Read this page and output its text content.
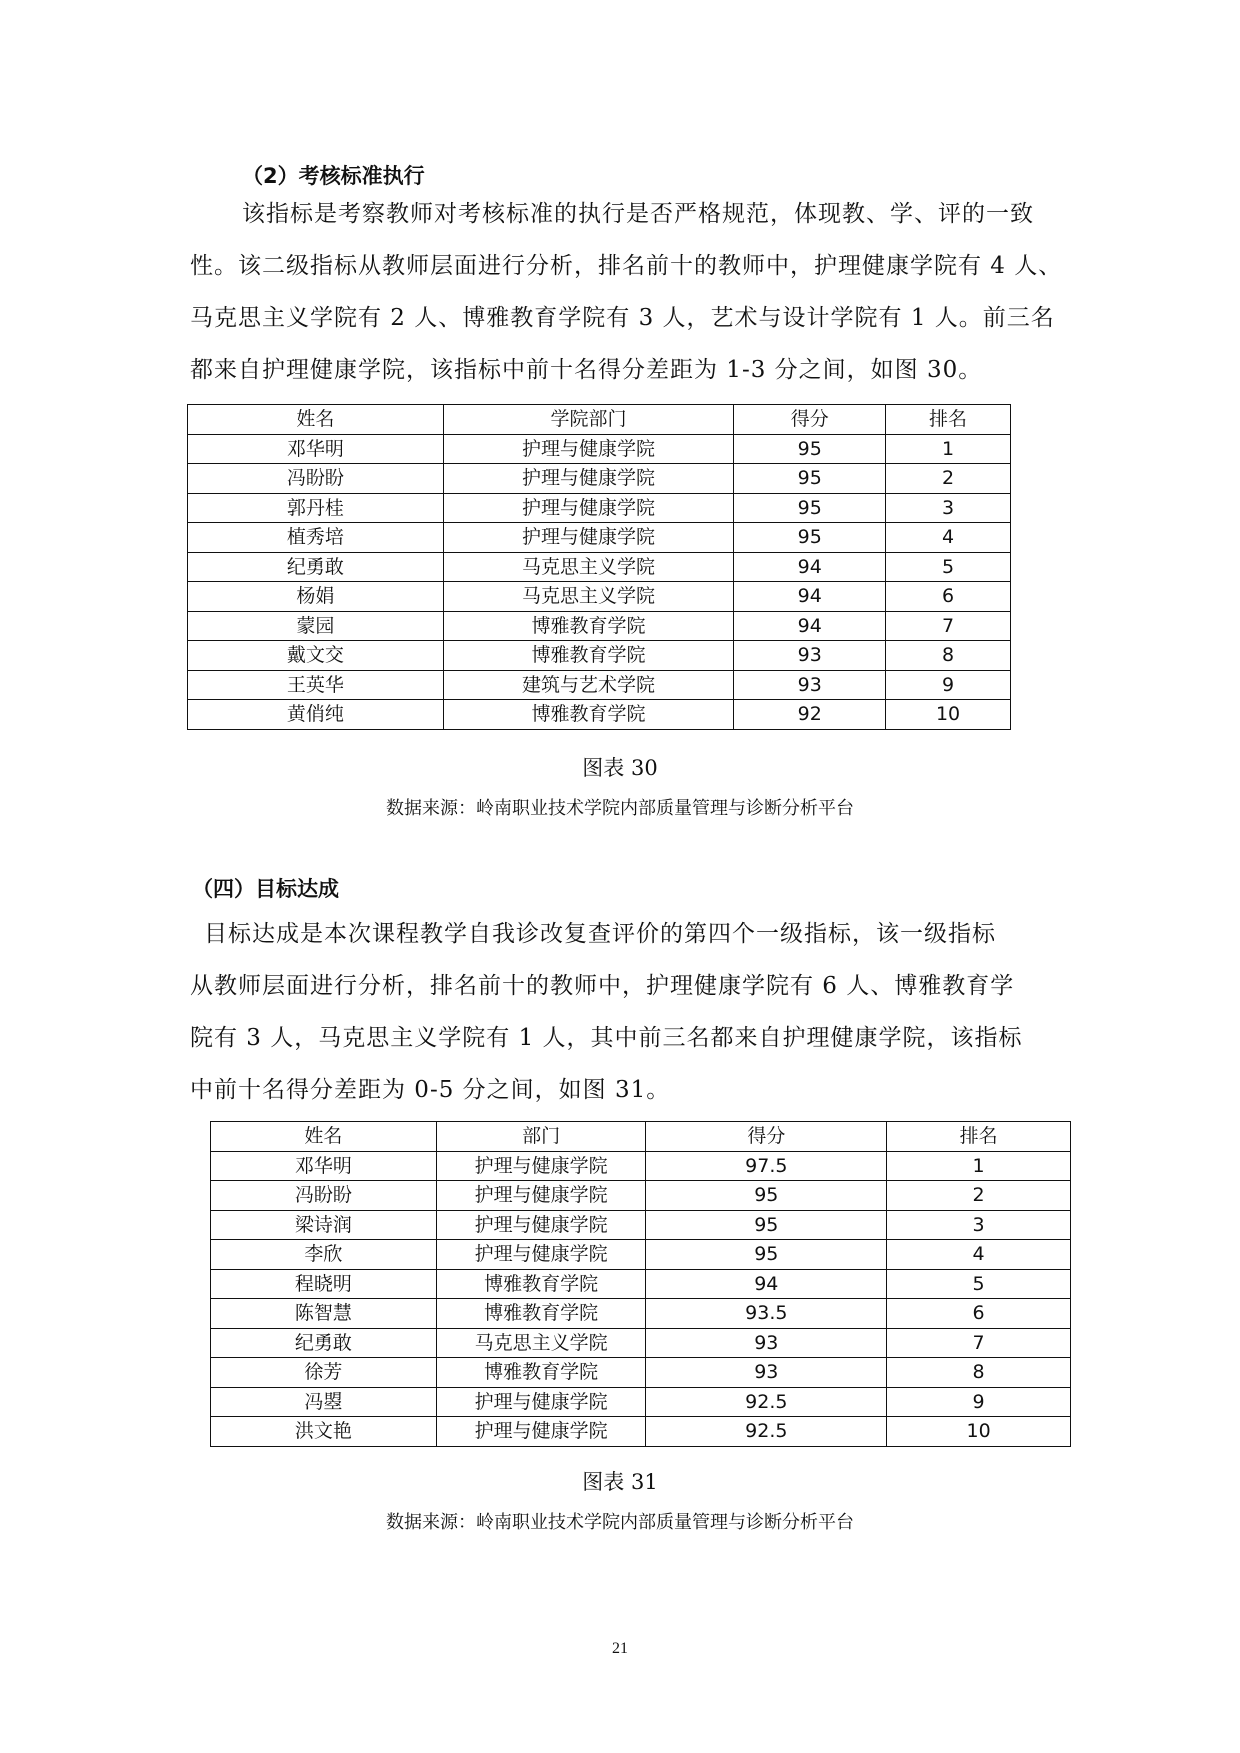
（2）考核标准执行

该指标是考察教师对考核标准的执行是否严格规范，体现教、学、评的一致

性。该二级指标从教师层面进行分析，排名前十的教师中，护理健康学院有 4 人、

马克思主义学院有 2 人、博雅教育学院有 3 人，艺术与设计学院有 1 人。前三名

都来自护理健康学院，该指标中前十名得分差距为 1-3 分之间，如图 30。

姓名	学院部门	得分	排名
邓华明	护理与健康学院	95	1
冯盼盼	护理与健康学院	95	2
郭丹桂	护理与健康学院	95	3
植秀培	护理与健康学院	95	4
纪勇敢	马克思主义学院	94	5
杨娟	马克思主义学院	94	6
蒙园	博雅教育学院	94	7
戴文交	博雅教育学院	93	8
王英华	建筑与艺术学院	93	9
黄俏纯	博雅教育学院	92	10
图表 30
数据来源：岭南职业技术学院内部质量管理与诊断分析平台
（四）目标达成

目标达成是本次课程教学自我诊改复查评价的第四个一级指标，该一级指标

从教师层面进行分析，排名前十的教师中，护理健康学院有 6 人、博雅教育学

院有 3 人，马克思主义学院有 1 人，其中前三名都来自护理健康学院，该指标

中前十名得分差距为 0-5 分之间，如图 31。

姓名	部门	得分	排名
邓华明	护理与健康学院	97.5	1
冯盼盼	护理与健康学院	95	2
梁诗润	护理与健康学院	95	3
李欣	护理与健康学院	95	4
程晓明	博雅教育学院	94	5
陈智慧	博雅教育学院	93.5	6
纪勇敢	马克思主义学院	93	7
徐芳	博雅教育学院	93	8
冯曌	护理与健康学院	92.5	9
洪文艳	护理与健康学院	92.5	10
图表 31
数据来源：岭南职业技术学院内部质量管理与诊断分析平台
21
